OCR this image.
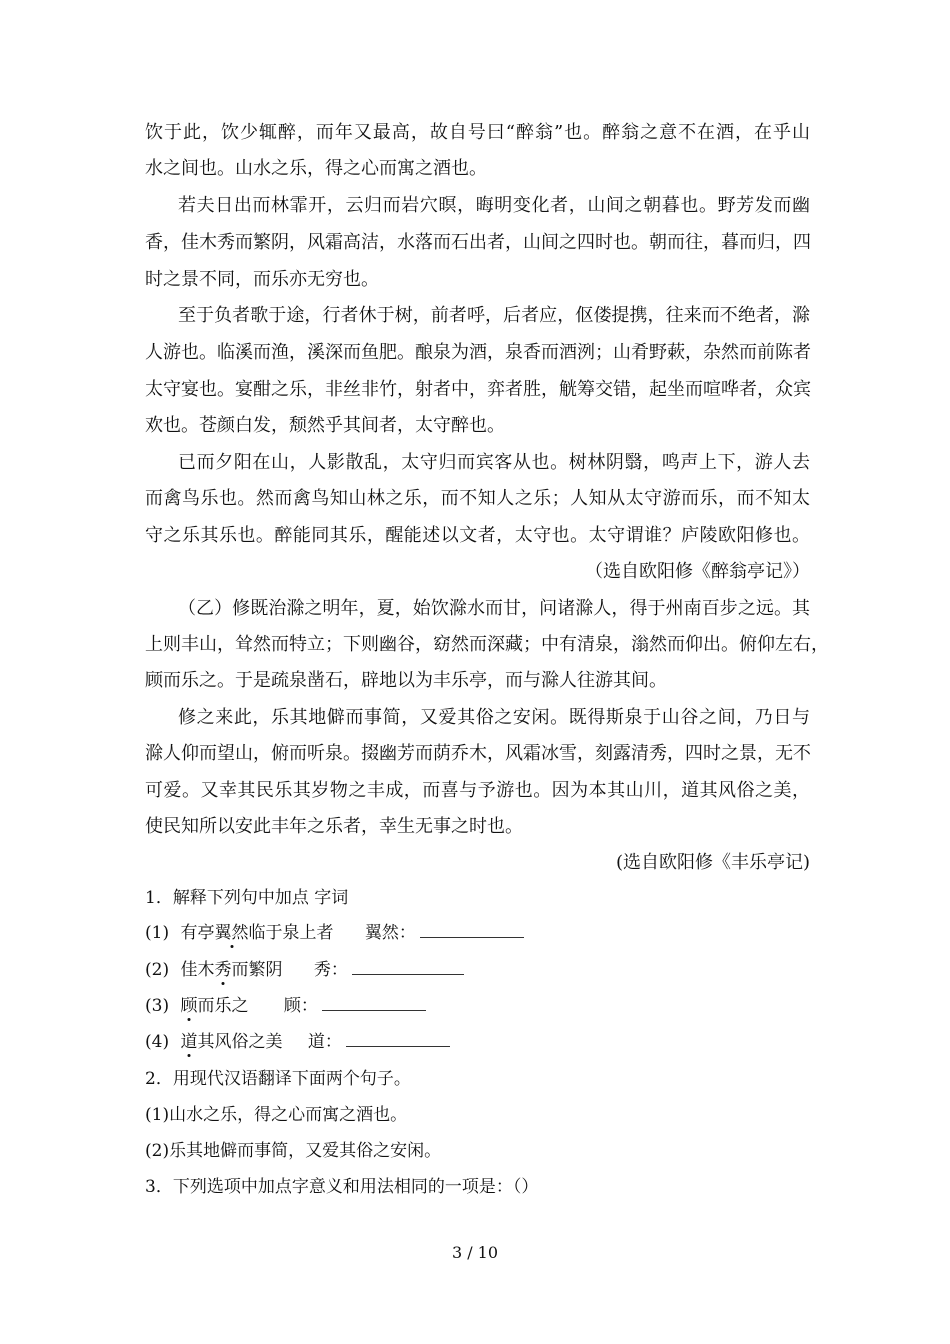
饮于此，饮少辄醉，而年又最高，故自号曰“醉翁”也。醉翁之意不在酒，在乎山
水之间也。山水之乐，得之心而寓之酒也。
若夫日出而林霏开，云归而岩穴暝，晦明变化者，山间之朝暮也。野芳发而幽
香，佳木秀而繁阴，风霜高洁，水落而石出者，山间之四时也。朝而往，暮而归，四
时之景不同，而乐亦无穷也。
至于负者歌于途，行者休于树，前者呼，后者应，伛偻提携，往来而不绝者，滁
人游也。临溪而渔，溪深而鱼肥。酿泉为酒，泉香而酒洌；山肴野蔌，杂然而前陈者
太守宴也。宴酣之乐，非丝非竹，射者中，弈者胜，觥筹交错，起坐而喧哗者，众宾
欢也。苍颜白发，颓然乎其间者，太守醉也。
已而夕阳在山，人影散乱，太守归而宾客从也。树林阴翳，鸣声上下，游人去
而禽鸟乐也。然而禽鸟知山林之乐，而不知人之乐；人知从太守游而乐，而不知太
守之乐其乐也。醉能同其乐，醒能述以文者，太守也。太守谓谁？庐陵欧阳修也。
（选自欧阳修《醉翁亭记》）
（乙）修既治滁之明年，夏，始饮滁水而甘，问诸滁人，得于州南百步之远。其
上则丰山，耸然而特立；下则幽谷，窈然而深藏；中有清泉，滃然而仰出。俯仰左右，
顾而乐之。于是疏泉凿石，辟地以为丰乐亭，而与滁人往游其间。
修之来此，乐其地僻而事简，又爱其俗之安闲。既得斯泉于山谷之间，乃日与
滁人仰而望山，俯而听泉。掇幽芳而荫乔木，风霜冰雪，刻露清秀，四时之景，无不
可爱。又幸其民乐其岁物之丰成，而喜与予游也。因为本其山川，道其风俗之美，
使民知所以安此丰年之乐者，幸生无事之时也。
(选自欧阳修《丰乐亭记)
1．解释下列句中加点 字词
(1) 有亭翼然临于泉上者 翼然：
(2) 佳木秀而繁阴 秀：
(3) 顾而乐之 顾：
(4) 道其风俗之美 道：
2．用现代汉语翻译下面两个句子。
(1)山水之乐，得之心而寓之酒也。
(2)乐其地僻而事简，又爱其俗之安闲。
3．下列选项中加点字意义和用法相同的一项是：（）
3 / 10
